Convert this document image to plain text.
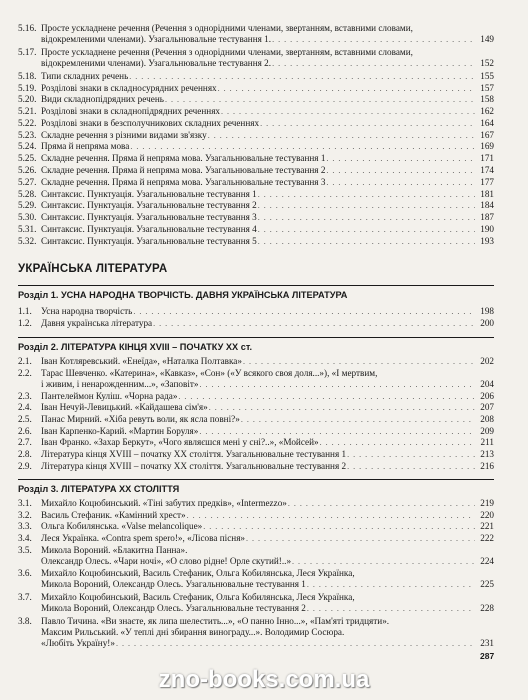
5.16. Просте ускладнене речення (Речення з однорідними членами, звертанням, вставними словами,
відокремленими членами). Узагальнювальне тестування 1. . . .	149
5.17. Просте ускладнене речення (Речення з однорідними членами, звертанням, вставними словами,
відокремленими членами). Узагальнювальне тестування 2. . . .	152
5.18. Типи складних речень . . .	155
5.19. Розділові знаки в складносурядних реченнях . . .	157
5.20. Види складнопідрядних речень . . .	158
5.21. Розділові знаки в складнопідрядних реченнях . . .	162
5.22. Розділові знаки в безсполучникових складних реченнях . . .	164
5.23. Складне речення з різними видами зв'язку . . .	167
5.24. Пряма й непряма мова . . .	169
5.25. Складне речення. Пряма й непряма мова. Узагальнювальне тестування 1 . . .	171
5.26. Складне речення. Пряма й непряма мова. Узагальнювальне тестування 2 . . .	174
5.27. Складне речення. Пряма й непряма мова. Узагальнювальне тестування 3 . . .	177
5.28. Синтаксис. Пунктуація. Узагальнювальне тестування 1 . . .	181
5.29. Синтаксис. Пунктуація. Узагальнювальне тестування 2 . . .	184
5.30. Синтаксис. Пунктуація. Узагальнювальне тестування 3 . . .	187
5.31. Синтаксис. Пунктуація. Узагальнювальне тестування 4 . . .	190
5.32. Синтаксис. Пунктуація. Узагальнювальне тестування 5 . . .	193
УКРАЇНСЬКА ЛІТЕРАТУРА
Розділ 1. УСНА НАРОДНА ТВОРЧІСТЬ. ДАВНЯ УКРАЇНСЬКА ЛІТЕРАТУРА
1.1.	Усна народна творчість . . .	198
1.2.	Давня українська література . . .	200
Розділ 2. ЛІТЕРАТУРА КІНЦЯ XVIII – ПОЧАТКУ XX ст.
2.1.	Іван Котляревський. «Енеїда», «Наталка Полтавка» . . .	202
2.2.	Тарас Шевченко. «Катерина», «Кавказ», «Сон» («У всякого своя доля...»), «І мертвим,
і живим, і ненарожденним...», «Заповіт» . . .	204
2.3.	Пантелеймон Куліш. «Чорна рада» . . .	206
2.4.	Іван Нечуй-Левицький. «Кайдашева сім'я» . . .	207
2.5.	Панас Мирний. «Хіба ревуть воли, як ясла повні?» . . .	208
2.6.	Іван Карпенко-Карий. «Мартин Боруля» . . .	209
2.7.	Іван Франко. «Захар Беркут», «Чого являєшся мені у сні?..», «Мойсей» . . .	211
2.8.	Література кінця XVIII – початку XX століття. Узагальнювальне тестування 1 . . .	213
2.9.	Література кінця XVIII – початку XX століття. Узагальнювальне тестування 2 . . .	216
Розділ 3. ЛІТЕРАТУРА XX СТОЛІТТЯ
3.1.	Михайло Коцюбинський. «Тіні забутих предків», «Intermezzo» . . .	219
3.2.	Василь Стефаник. «Камінний хрест» . . .	220
3.3.	Ольга Кобилянська. «Valse melancolique» . . .	221
3.4.	Леся Українка. «Contra spem spero!», «Лісова пісня» . . .	222
3.5.	Микола Вороний. «Блакитна Панна».
Олександр Олесь. «Чари ночі», «О слово рідне! Орле скутий!..» . . .	224
3.6.	Михайло Коцюбинський, Василь Стефаник, Ольга Кобилянська, Леся Українка,
Микола Вороний, Олександр Олесь. Узагальнювальне тестування 1 . . .	225
3.7.	Михайло Коцюбинський, Василь Стефаник, Ольга Кобилянська, Леся Українка,
Микола Вороний, Олександр Олесь. Узагальнювальне тестування 2 . . .	228
3.8.	Павло Тичина. «Ви знаєте, як липа шелестить...», «О панно Інно...», «Пам'яті тридцяти».
Максим Рильський. «У теплі дні збирання винограду...». Володимир Сосюра.
«Любіть Україну!» . . .	231
287
zno-books.com.ua
